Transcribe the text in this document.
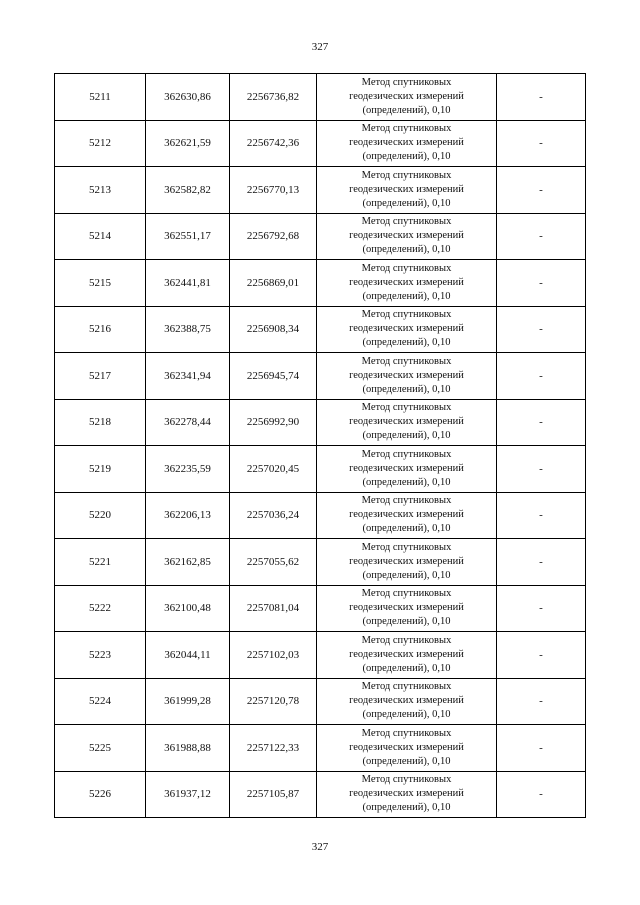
327
5211	362630,86	2256736,82	Метод спутниковых
геодезических измерений
(определений), 0,10	-
5212	362621,59	2256742,36	Метод спутниковых
геодезических измерений
(определений), 0,10	-
5213	362582,82	2256770,13	Метод спутниковых
геодезических измерений
(определений), 0,10	-
5214	362551,17	2256792,68	Метод спутниковых
геодезических измерений
(определений), 0,10	-
5215	362441,81	2256869,01	Метод спутниковых
геодезических измерений
(определений), 0,10	-
5216	362388,75	2256908,34	Метод спутниковых
геодезических измерений
(определений), 0,10	-
5217	362341,94	2256945,74	Метод спутниковых
геодезических измерений
(определений), 0,10	-
5218	362278,44	2256992,90	Метод спутниковых
геодезических измерений
(определений), 0,10	-
5219	362235,59	2257020,45	Метод спутниковых
геодезических измерений
(определений), 0,10	-
5220	362206,13	2257036,24	Метод спутниковых
геодезических измерений
(определений), 0,10	-
5221	362162,85	2257055,62	Метод спутниковых
геодезических измерений
(определений), 0,10	-
5222	362100,48	2257081,04	Метод спутниковых
геодезических измерений
(определений), 0,10	-
5223	362044,11	2257102,03	Метод спутниковых
геодезических измерений
(определений), 0,10	-
5224	361999,28	2257120,78	Метод спутниковых
геодезических измерений
(определений), 0,10	-
5225	361988,88	2257122,33	Метод спутниковых
геодезических измерений
(определений), 0,10	-
5226	361937,12	2257105,87	Метод спутниковых
геодезических измерений
(определений), 0,10	-
327
